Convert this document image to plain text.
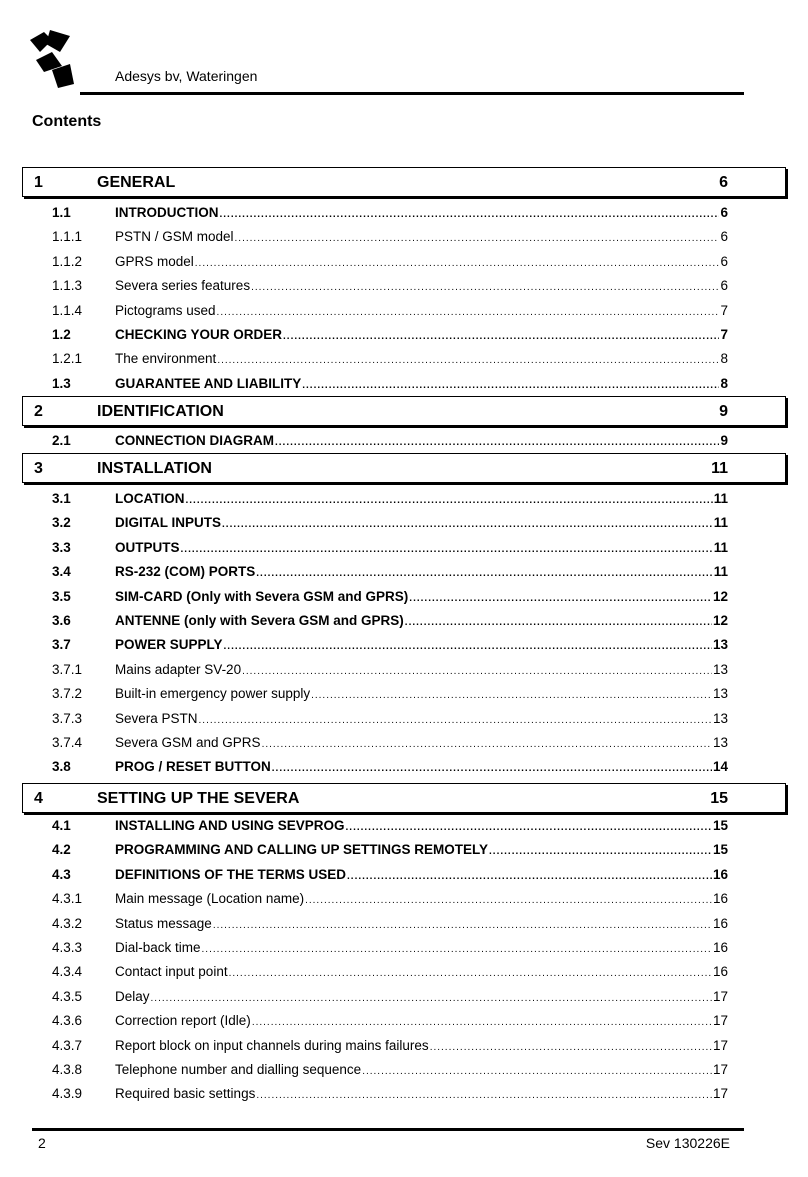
Adesys bv, Wateringen
Contents
1	GENERAL	6
1.1	INTRODUCTION .....	6
1.1.1 PSTN / GSM model .....	6
1.1.2 GPRS model .....	6
1.1.3 Severa series features .....	6
1.1.4 Pictograms used .....	7
1.2	CHECKING YOUR ORDER .....	7
1.2.1 The environment .....	8
1.3	GUARANTEE AND LIABILITY .....	8
2	IDENTIFICATION	9
2.1	CONNECTION DIAGRAM .....	9
3	INSTALLATION	11
3.1	LOCATION .....	11
3.2	DIGITAL INPUTS .....	11
3.3	OUTPUTS .....	11
3.4	RS-232 (COM) PORTS .....	11
3.5	SIM-CARD (Only with Severa GSM and GPRS) .....	12
3.6	ANTENNE (only with Severa GSM and GPRS) .....	12
3.7	POWER SUPPLY .....	13
3.7.1 Mains adapter SV-20 .....	13
3.7.2 Built-in emergency power supply .....	13
3.7.3 Severa PSTN .....	13
3.7.4 Severa GSM and GPRS .....	13
3.8	PROG / RESET BUTTON .....	14
4	SETTING UP THE SEVERA	15
4.1	INSTALLING AND USING SEVPROG .....	15
4.2	PROGRAMMING AND CALLING UP SETTINGS REMOTELY .....	15
4.3	DEFINITIONS OF THE TERMS USED .....	16
4.3.1 Main message (Location name) .....	16
4.3.2 Status message .....	16
4.3.3 Dial-back time .....	16
4.3.4 Contact input point .....	16
4.3.5 Delay .....	17
4.3.6 Correction report (Idle) .....	17
4.3.7 Report block on input channels during mains failures .....	17
4.3.8 Telephone number and dialling sequence .....	17
4.3.9 Required basic settings .....	17
2	Sev 130226E
